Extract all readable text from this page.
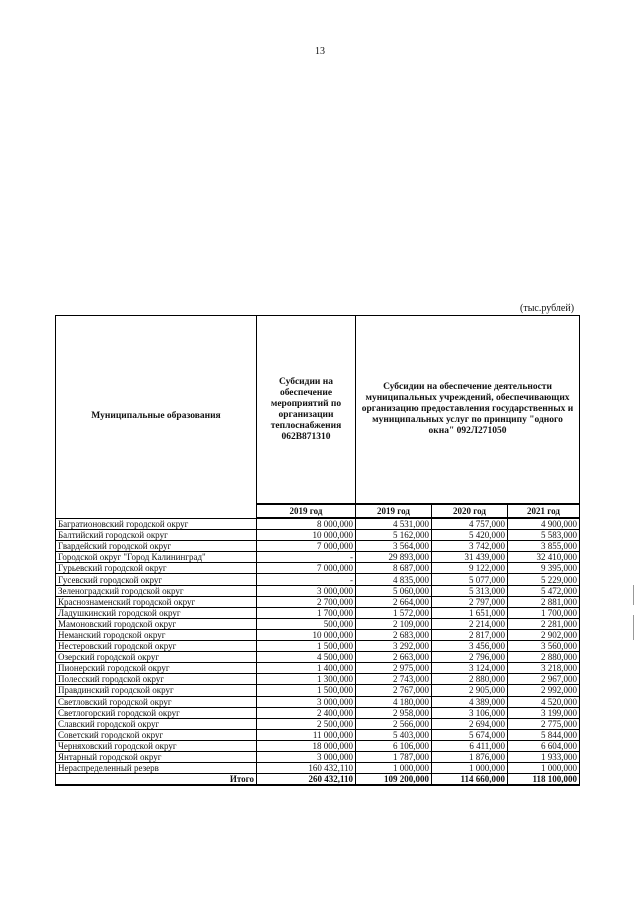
13
(тыс.рублей)
Муниципальные образования	Субсидии на обеспечение мероприятий по организации теплоснабжения 062В871310	Субсидии на обеспечение деятельности муниципальных учреждений, обеспечивающих организацию предоставления государственных и муниципальных услуг по принципу "одного окна" 092Л271050		
	2019 год	2019 год	2020 год	2021 год
Багратионовский городской округ	8 000,000	4 531,000	4 757,000	4 900,000
Балтийский городской округ	10 000,000	5 162,000	5 420,000	5 583,000
Гвардейский городской округ	7 000,000	3 564,000	3 742,000	3 855,000
Городской округ "Город Калининград"	-	29 893,000	31 439,000	32 410,000
Гурьевский городской округ	7 000,000	8 687,000	9 122,000	9 395,000
Гусевский городской округ	-	4 835,000	5 077,000	5 229,000
Зеленоградский городской округ	3 000,000	5 060,000	5 313,000	5 472,000
Краснознаменский городской округ	2 700,000	2 664,000	2 797,000	2 881,000
Ладушкинский городской округ	1 700,000	1 572,000	1 651,000	1 700,000
Мамоновский городской округ	500,000	2 109,000	2 214,000	2 281,000
Неманский городской округ	10 000,000	2 683,000	2 817,000	2 902,000
Нестеровский городской округ	1 500,000	3 292,000	3 456,000	3 560,000
Озерский городской округ	4 500,000	2 663,000	2 796,000	2 880,000
Пионерский городской округ	1 400,000	2 975,000	3 124,000	3 218,000
Полесский городской округ	1 300,000	2 743,000	2 880,000	2 967,000
Правдинский городской округ	1 500,000	2 767,000	2 905,000	2 992,000
Светловский городской округ	3 000,000	4 180,000	4 389,000	4 520,000
Светлогорский городской округ	2 400,000	2 958,000	3 106,000	3 199,000
Славский городской округ	2 500,000	2 566,000	2 694,000	2 775,000
Советский городской округ	11 000,000	5 403,000	5 674,000	5 844,000
Черняховский городской округ	18 000,000	6 106,000	6 411,000	6 604,000
Янтарный городской округ	3 000,000	1 787,000	1 876,000	1 933,000
Нераспределенный резерв	160 432,110	1 000,000	1 000,000	1 000,000
Итого	260 432,110	109 200,000	114 660,000	118 100,000
